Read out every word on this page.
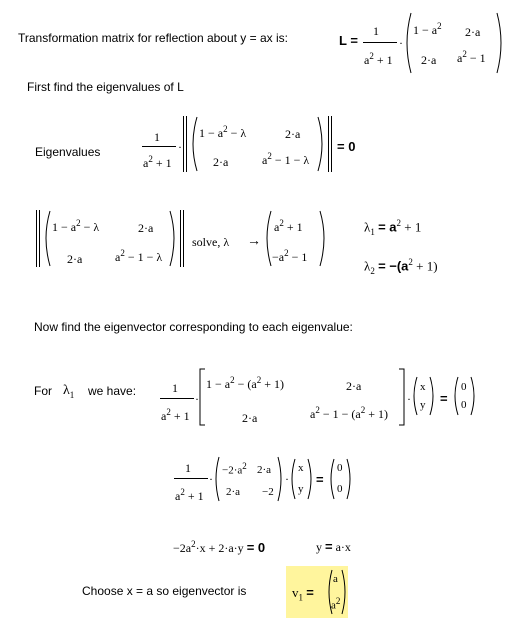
Transformation matrix for reflection about y = ax is:	L =
1
$a^2 + 1$
·
$1 - a^2$ 2·a
2·a $a^2 - 1$
First find the eigenvalues of L
Eigenvalues
1
$a^2 + 1$
·
$1 - a^2 - \lambda$	2·a
2·a	$a^2 - 1 - \lambda$
= 0
$1 - a^2 - \lambda$	2·a
2·a	$a^2 - 1 - \lambda$
solve, λ →
$a^2 + 1$
$-a^2 - 1$
$\lambda_1 = a^2 + 1$
$\lambda_2 = -(a^2 + 1)$
Now find the eigenvector corresponding to each eigenvalue:
For $\lambda_1$ we have:	1
$a^2 + 1$
·
$1 - a^2 - (a^2 + 1)$	2·a
2·a	$a^2 - 1 - (a^2 + 1)$
·
x
y =
0
0
1
$a^2 + 1$
·
$-2\cdot a^2$ 2·a
2·a −2
·
x
y
=
0
0
$-2a^2\cdot x + 2\cdot a\cdot y = 0$	y = a·x
Choose x = a so eigenvector is	$v_1$ =
a
$a^2$
